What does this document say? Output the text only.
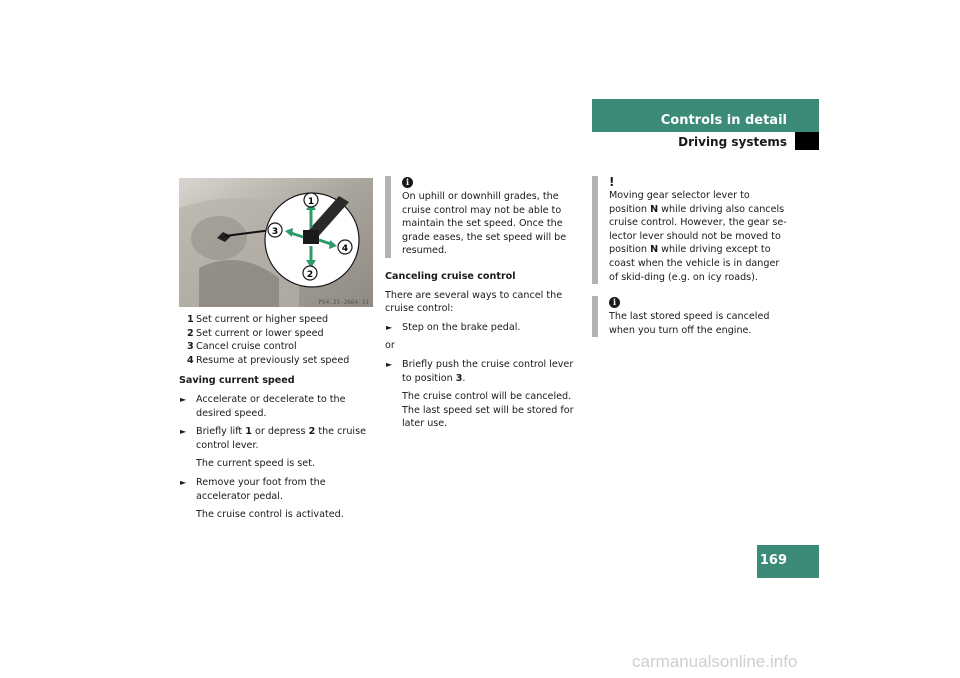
Controls in detail
Driving systems
1
2
3
4
P54.25-2664-31
1 Set current or higher speed
2 Set current or lower speed
3 Cancel cruise control
4 Resume at previously set speed
Saving current speed
► Accelerate or decelerate to the desired speed.
► Briefly lift 1 or depress 2 the cruise control lever.
The current speed is set.
► Remove your foot from the accelerator pedal.
The cruise control is activated.
i
On uphill or downhill grades, the cruise control may not be able to maintain the set speed. Once the grade eases, the set speed will be resumed.
Canceling cruise control
There are several ways to cancel the cruise control:
► Step on the brake pedal.
or
► Briefly push the cruise control lever to position 3.
The cruise control will be canceled. The last speed set will be stored for later use.
!
Moving gear selector lever to position N while driving also cancels cruise control. However, the gear se-lector lever should not be moved to position N while driving except to coast when the vehicle is in danger of skid-ding (e.g. on icy roads).
i
The last stored speed is canceled when you turn off the engine.
169
carmanualsonline.info
